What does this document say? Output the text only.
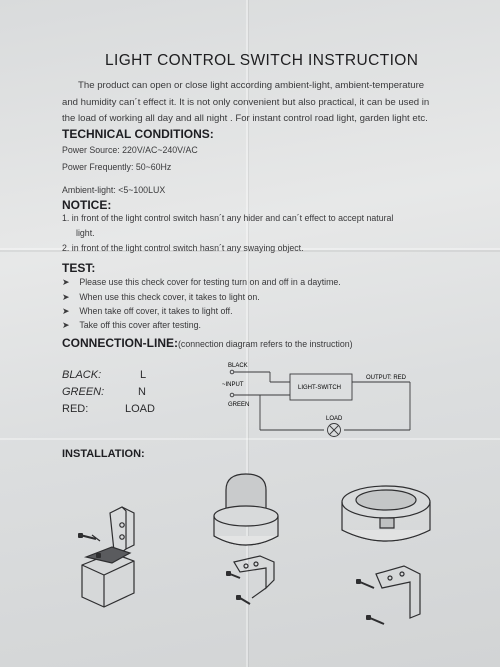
LIGHT CONTROL SWITCH INSTRUCTION
The product can open or close light according ambient-light, ambient-temperature
and humidity can´t effect it. It is not only convenient but also practical, it can be used in
the load of working all day and all night . For instant control road light, garden light etc.
TECHNICAL CONDITIONS:
Power Source: 220V/AC~240V/AC
Power Frequently: 50~60Hz
Ambient-light: <5~100LUX
NOTICE:
1. in front of the light control switch hasn´t any hider and can´t effect to accept natural
light.
2. in front of the light control switch hasn´t any swaying object.
TEST:
➤ Please use this check cover for testing turn on and off in a daytime.
➤ When use this check cover, it takes to light on.
➤ When take off cover, it takes to light off.
➤ Take off this cover after testing.
CONNECTION-LINE:(connection diagram refers to the instruction)
BLACK:	L
GREEN:	N
RED:	LOAD
BLACK
~INPUT
GREEN
LIGHT-SWITCH
OUTPUT: RED
LOAD
INSTALLATION:
